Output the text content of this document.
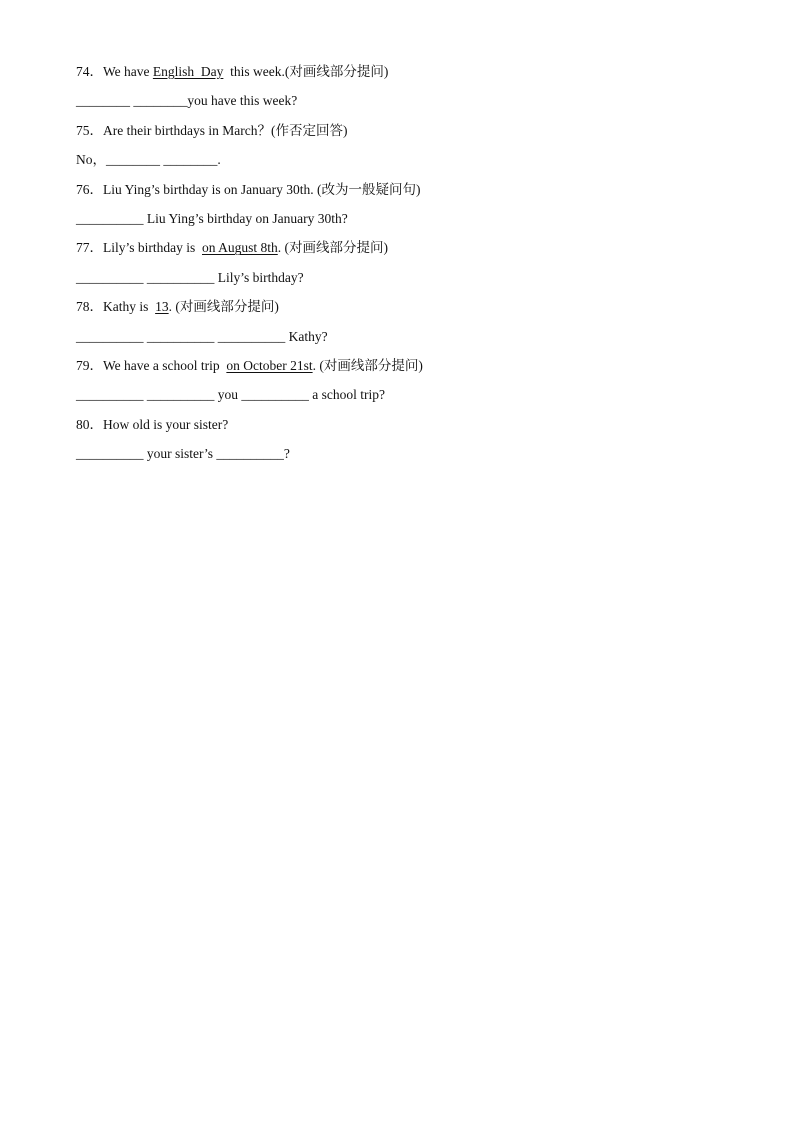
74．We have English  Day  this week.(对画线部分提问)
________ ________you have this week?
75．Are their birthdays in March？(作否定回答)
No，________ ________.
76．Liu Ying’s birthday is on January 30th. (改为一般疑问句)
__________ Liu Ying’s birthday on January 30th?
77．Lily’s birthday is  on August 8th. (对画线部分提问)
__________ __________ Lily’s birthday?
78．Kathy is  13. (对画线部分提问)
__________ __________ __________ Kathy?
79．We have a school trip  on October 21st. (对画线部分提问)
__________ __________ you __________ a school trip?
80．How old is your sister?
__________ your sister’s __________?
